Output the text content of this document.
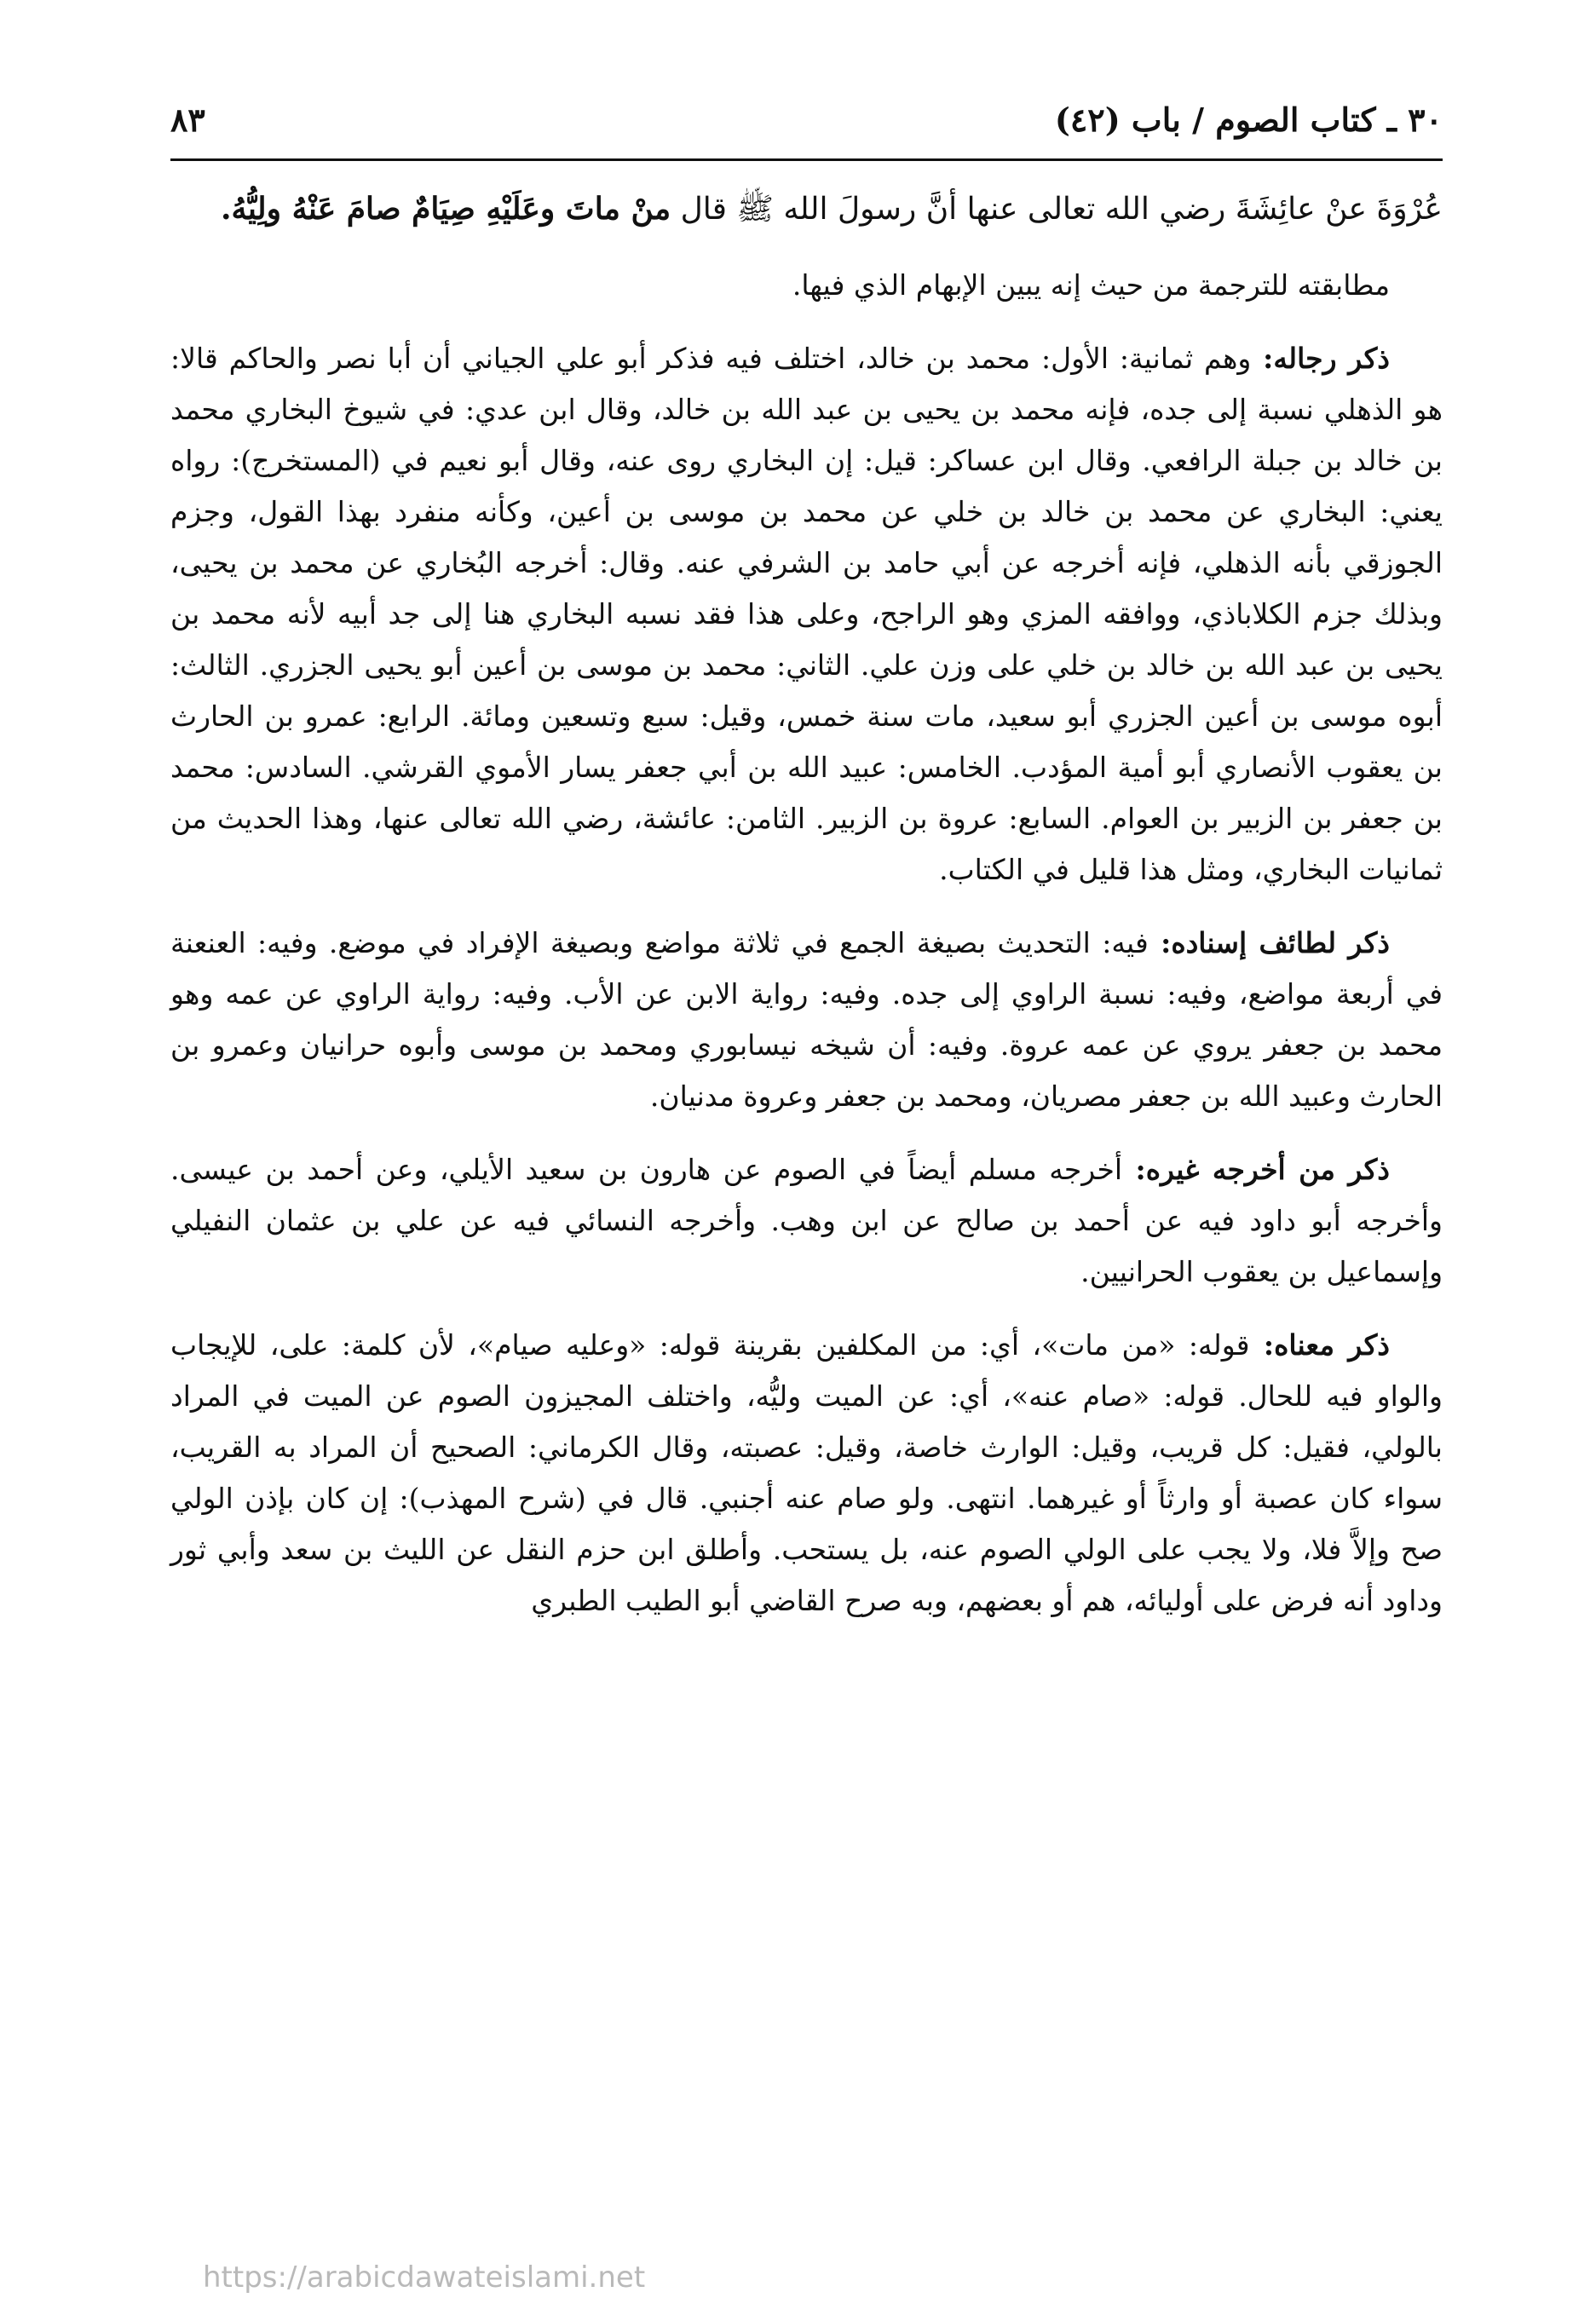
٣٠ ـ كتاب الصوم / باب (٤٢)
٨٣

عُرْوَةَ عنْ عائِشَةَ رضي الله تعالى عنها أنَّ رسولَ الله ﷺ قال منْ ماتَ وعَلَيْهِ صِيَامٌ صامَ عَنْهُ ولِيُّهُ.

مطابقته للترجمة من حيث إنه يبين الإبهام الذي فيها.

ذكر رجاله: وهم ثمانية: الأول: محمد بن خالد، اختلف فيه فذكر أبو علي الجياني أن أبا نصر والحاكم قالا: هو الذهلي نسبة إلى جده، فإنه محمد بن يحيى بن عبد الله بن خالد، وقال ابن عدي: في شيوخ البخاري محمد بن خالد بن جبلة الرافعي. وقال ابن عساكر: قيل: إن البخاري روى عنه، وقال أبو نعيم في (المستخرج): رواه يعني: البخاري عن محمد بن خالد بن خلي عن محمد بن موسى بن أعين، وكأنه منفرد بهذا القول، وجزم الجوزقي بأنه الذهلي، فإنه أخرجه عن أبي حامد بن الشرفي عنه. وقال: أخرجه البُخاري عن محمد بن يحيى، وبذلك جزم الكلاباذي، ووافقه المزي وهو الراجح، وعلى هذا فقد نسبه البخاري هنا إلى جد أبيه لأنه محمد بن يحيى بن عبد الله بن خالد بن خلي على وزن علي. الثاني: محمد بن موسى بن أعين أبو يحيى الجزري. الثالث: أبوه موسى بن أعين الجزري أبو سعيد، مات سنة خمس، وقيل: سبع وتسعين ومائة. الرابع: عمرو بن الحارث بن يعقوب الأنصاري أبو أمية المؤدب. الخامس: عبيد الله بن أبي جعفر يسار الأموي القرشي. السادس: محمد بن جعفر بن الزبير بن العوام. السابع: عروة بن الزبير. الثامن: عائشة، رضي الله تعالى عنها، وهذا الحديث من ثمانيات البخاري، ومثل هذا قليل في الكتاب.

ذكر لطائف إسناده: فيه: التحديث بصيغة الجمع في ثلاثة مواضع وبصيغة الإفراد في موضع. وفيه: العنعنة في أربعة مواضع، وفيه: نسبة الراوي إلى جده. وفيه: رواية الابن عن الأب. وفيه: رواية الراوي عن عمه وهو محمد بن جعفر يروي عن عمه عروة. وفيه: أن شيخه نيسابوري ومحمد بن موسى وأبوه حرانيان وعمرو بن الحارث وعبيد الله بن جعفر مصريان، ومحمد بن جعفر وعروة مدنيان.

ذكر من أخرجه غيره: أخرجه مسلم أيضاً في الصوم عن هارون بن سعيد الأيلي، وعن أحمد بن عيسى. وأخرجه أبو داود فيه عن أحمد بن صالح عن ابن وهب. وأخرجه النسائي فيه عن علي بن عثمان النفيلي وإسماعيل بن يعقوب الحرانيين.

ذكر معناه: قوله: «من مات»، أي: من المكلفين بقرينة قوله: «وعليه صيام»، لأن كلمة: على، للإيجاب والواو فيه للحال. قوله: «صام عنه»، أي: عن الميت وليُّه، واختلف المجيزون الصوم عن الميت في المراد بالولي، فقيل: كل قريب، وقيل: الوارث خاصة، وقيل: عصبته، وقال الكرماني: الصحيح أن المراد به القريب، سواء كان عصبة أو وارثاً أو غيرهما. انتهى. ولو صام عنه أجنبي. قال في (شرح المهذب): إن كان بإذن الولي صح وإلاَّ فلا، ولا يجب على الولي الصوم عنه، بل يستحب. وأطلق ابن حزم النقل عن الليث بن سعد وأبي ثور وداود أنه فرض على أوليائه، هم أو بعضهم، وبه صرح القاضي أبو الطيب الطبري

https://arabicdawateislami.net
